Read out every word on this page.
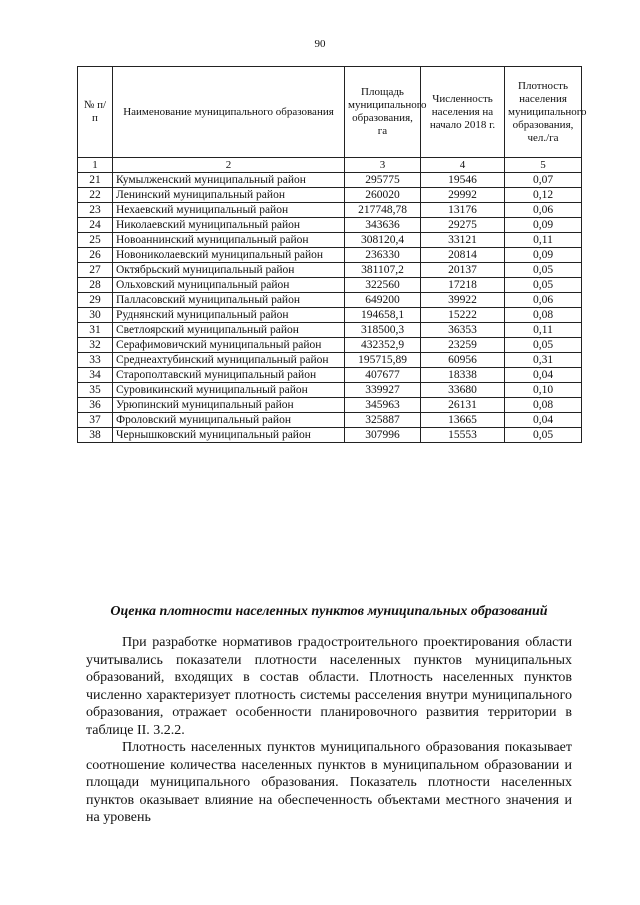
90
№ п/п	Наименование муниципального образования	Площадь муниципального образования, га	Численность населения на начало 2018 г.	Плотность населения муниципального образования, чел./га
1	2	3	4	5
21	Кумылженский муниципальный район	295775	19546	0,07
22	Ленинский муниципальный район	260020	29992	0,12
23	Нехаевский муниципальный район	217748,78	13176	0,06
24	Николаевский муниципальный район	343636	29275	0,09
25	Новоаннинский муниципальный район	308120,4	33121	0,11
26	Новониколаевский муниципальный район	236330	20814	0,09
27	Октябрьский муниципальный район	381107,2	20137	0,05
28	Ольховский муниципальный район	322560	17218	0,05
29	Палласовский муниципальный район	649200	39922	0,06
30	Руднянский муниципальный район	194658,1	15222	0,08
31	Светлоярский муниципальный район	318500,3	36353	0,11
32	Серафимовичский муниципальный район	432352,9	23259	0,05
33	Среднеахтубинский муниципальный район	195715,89	60956	0,31
34	Старополтавский муниципальный район	407677	18338	0,04
35	Суровикинский муниципальный район	339927	33680	0,10
36	Урюпинский муниципальный район	345963	26131	0,08
37	Фроловский муниципальный район	325887	13665	0,04
38	Чернышковский муниципальный район	307996	15553	0,05
Оценка плотности населенных пунктов муниципальных образований

При разработке нормативов градостроительного проектирования области учитывались показатели плотности населенных пунктов муниципальных образований, входящих в состав области. Плотность населенных пунктов численно характеризует плотность системы расселения внутри муниципального образования, отражает особенности планировочного развития территории в таблице II. 3.2.2.

Плотность населенных пунктов муниципального образования показывает соотношение количества населенных пунктов в муниципальном образовании и площади муниципального образования. Показатель плотности населенных пунктов оказывает влияние на обеспеченность объектами местного значения и на уровень
